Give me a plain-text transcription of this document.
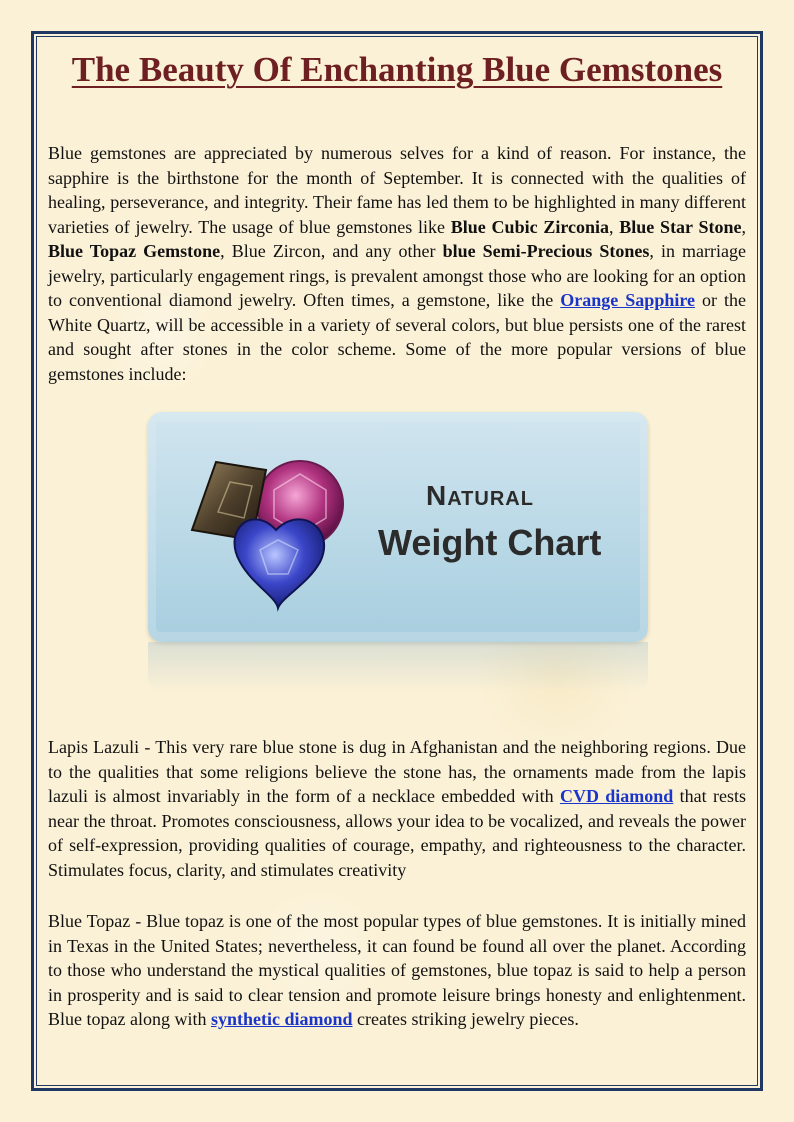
The Beauty Of Enchanting Blue Gemstones

Blue gemstones are appreciated by numerous selves for a kind of reason. For instance, the sapphire is the birthstone for the month of September. It is connected with the qualities of healing, perseverance, and integrity. Their fame has led them to be highlighted in many different varieties of jewelry. The usage of blue gemstones like Blue Cubic Zirconia, Blue Star Stone, Blue Topaz Gemstone, Blue Zircon, and any other blue Semi-Precious Stones, in marriage jewelry, particularly engagement rings, is prevalent amongst those who are looking for an option to conventional diamond jewelry. Often times, a gemstone, like the Orange Sapphire or the White Quartz, will be accessible in a variety of several colors, but blue persists one of the rarest and sought after stones in the color scheme. Some of the more popular versions of blue gemstones include:

Natural
Weight Chart

Lapis Lazuli - This very rare blue stone is dug in Afghanistan and the neighboring regions. Due to the qualities that some religions believe the stone has, the ornaments made from the lapis lazuli is almost invariably in the form of a necklace embedded with CVD diamond that rests near the throat. Promotes consciousness, allows your idea to be vocalized, and reveals the power of self-expression, providing qualities of courage, empathy, and righteousness to the character. Stimulates focus, clarity, and stimulates creativity

Blue Topaz - Blue topaz is one of the most popular types of blue gemstones. It is initially mined in Texas in the United States; nevertheless, it can found be found all over the planet. According to those who understand the mystical qualities of gemstones, blue topaz is said to help a person in prosperity and is said to clear tension and promote leisure brings honesty and enlightenment. Blue topaz along with synthetic diamond creates striking jewelry pieces.
